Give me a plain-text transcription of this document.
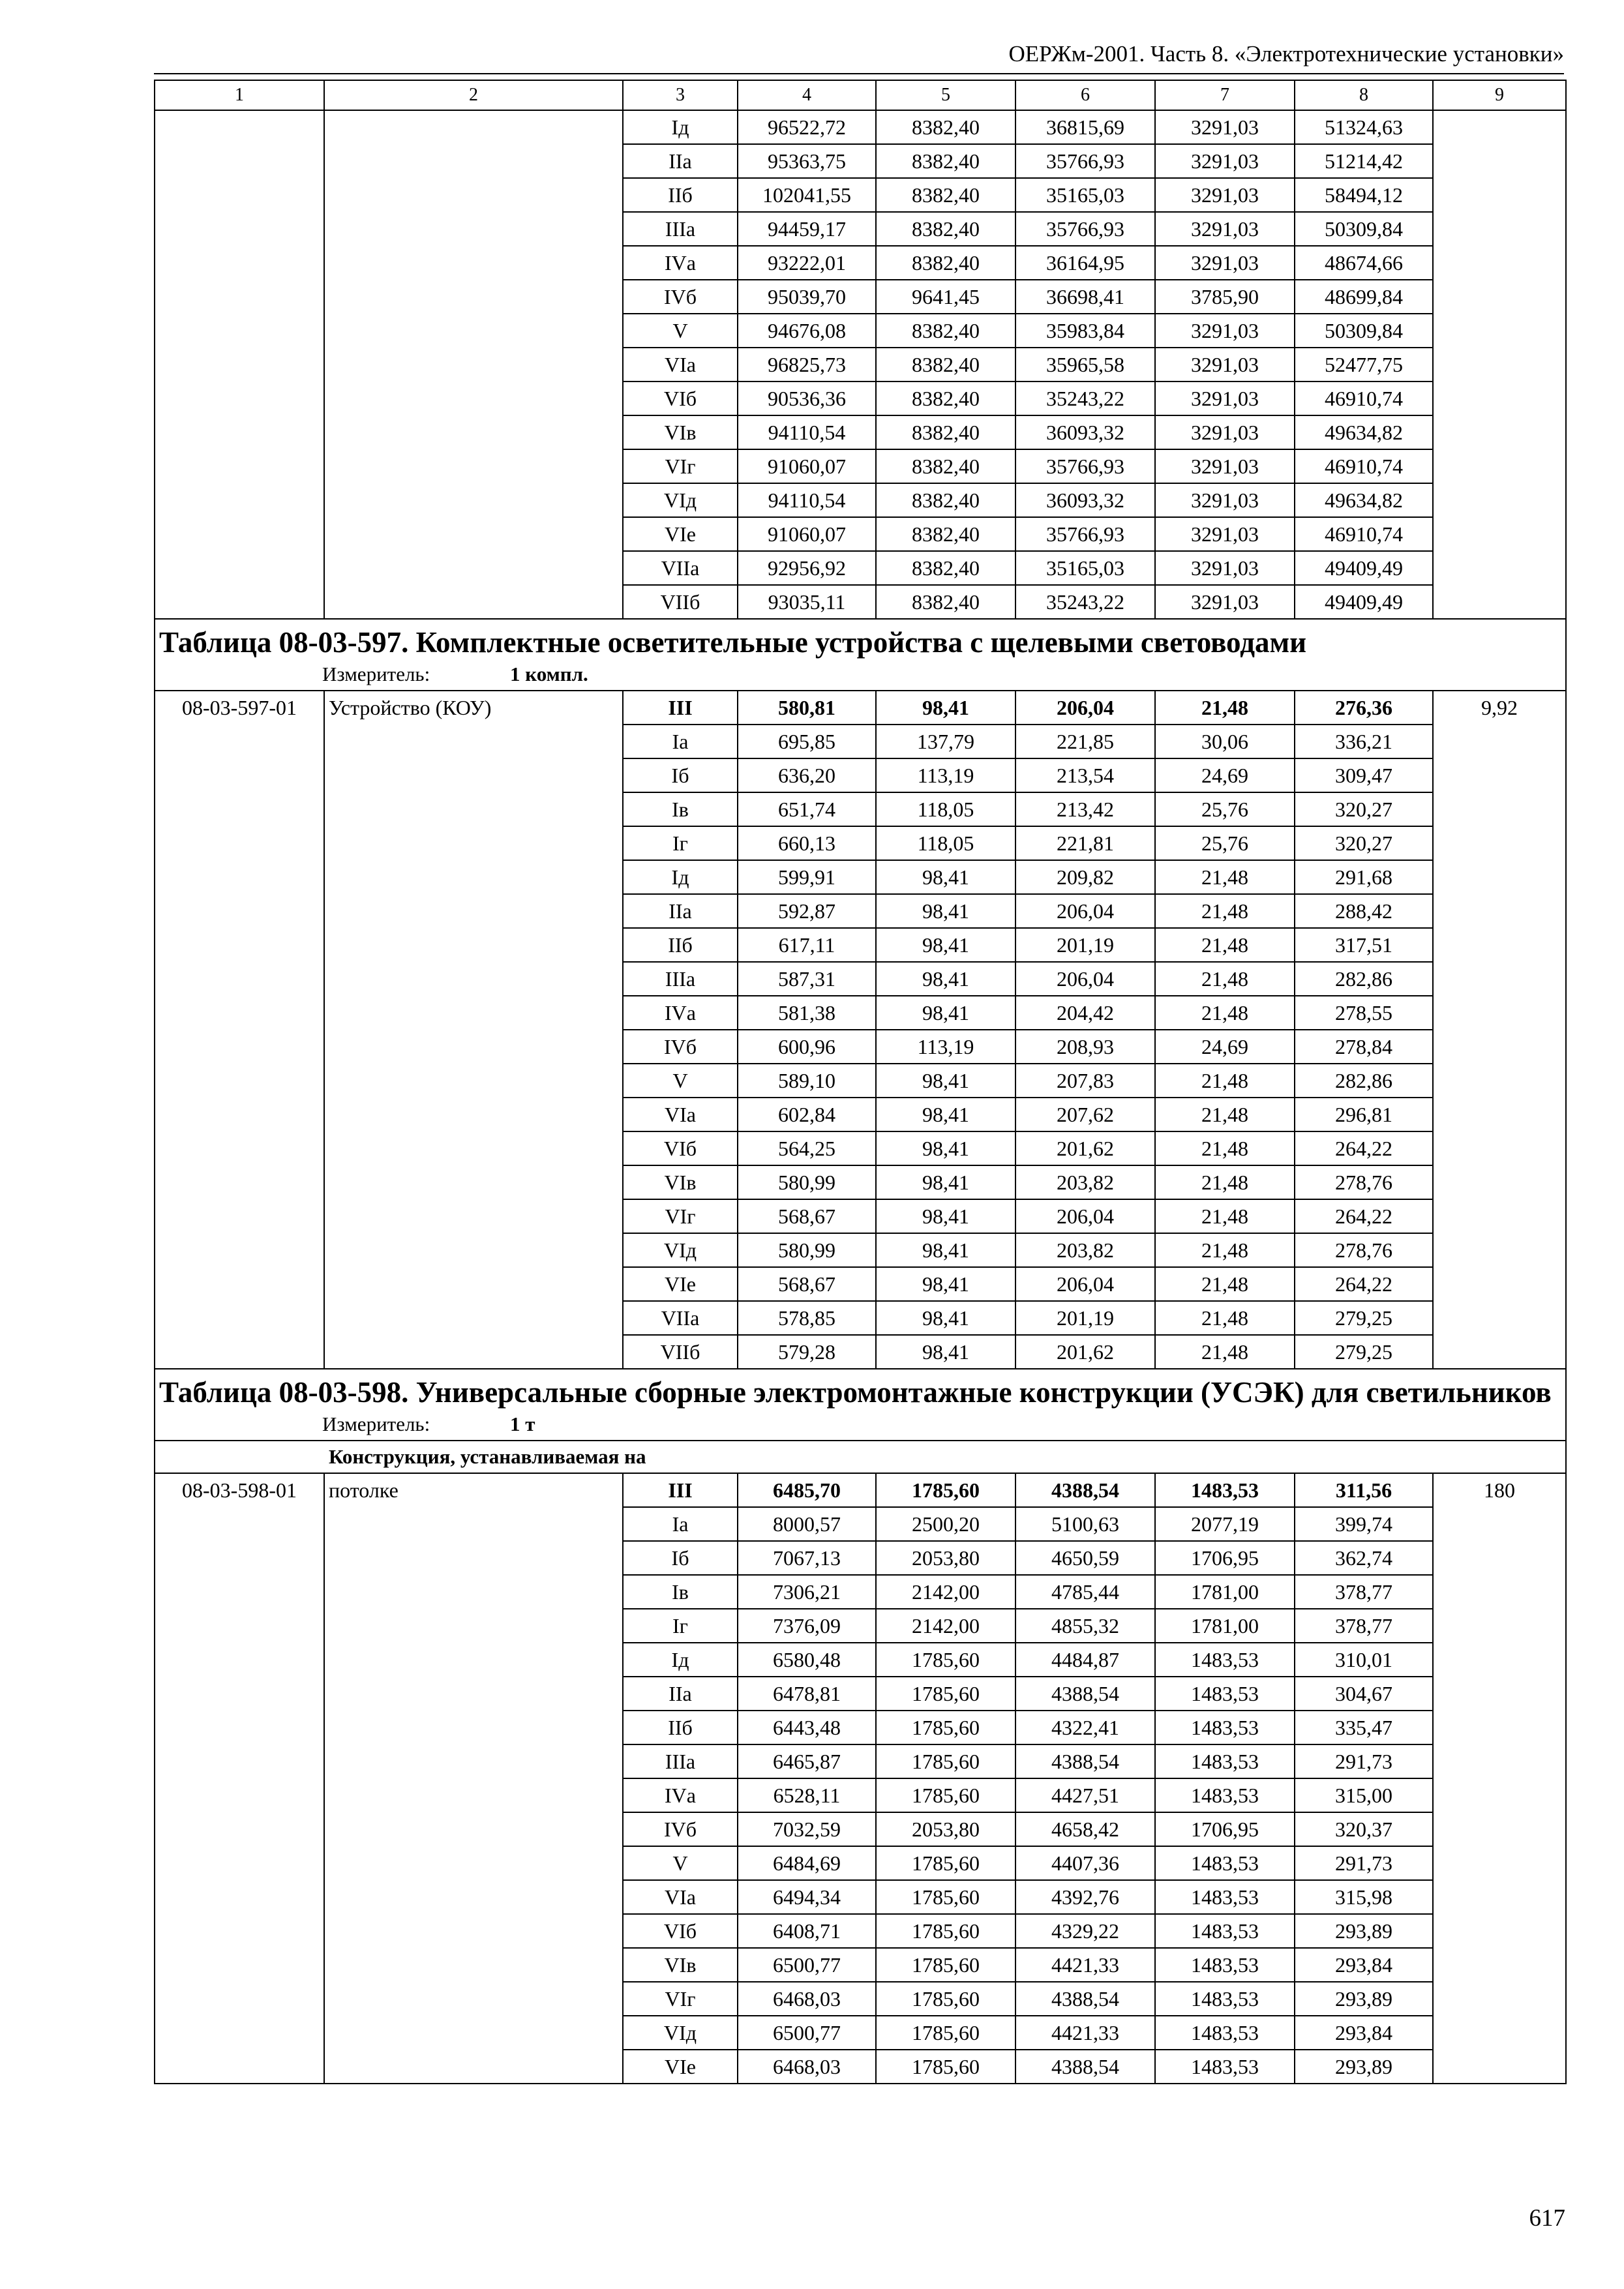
ОЕРЖм-2001. Часть 8. «Электротехнические установки»
1	2	3	4	5	6	7	8	9
		Iд	96522,72	8382,40	36815,69	3291,03	51324,63	
		IIа	95363,75	8382,40	35766,93	3291,03	51214,42	
		IIб	102041,55	8382,40	35165,03	3291,03	58494,12	
		IIIа	94459,17	8382,40	35766,93	3291,03	50309,84	
		IVа	93222,01	8382,40	36164,95	3291,03	48674,66	
		IVб	95039,70	9641,45	36698,41	3785,90	48699,84	
		V	94676,08	8382,40	35983,84	3291,03	50309,84	
		VIа	96825,73	8382,40	35965,58	3291,03	52477,75	
		VIб	90536,36	8382,40	35243,22	3291,03	46910,74	
		VIв	94110,54	8382,40	36093,32	3291,03	49634,82	
		VIг	91060,07	8382,40	35766,93	3291,03	46910,74	
		VIд	94110,54	8382,40	36093,32	3291,03	49634,82	
		VIе	91060,07	8382,40	35766,93	3291,03	46910,74	
		VIIа	92956,92	8382,40	35165,03	3291,03	49409,49	
		VIIб	93035,11	8382,40	35243,22	3291,03	49409,49	

Таблица 08-03-597. Комплектные осветительные устройства с щелевыми световодами
Измеритель: 1 компл.								

08-03-597-01	Устройство (КОУ)	III	580,81	98,41	206,04	21,48	276,36	9,92
		Iа	695,85	137,79	221,85	30,06	336,21	
		Iб	636,20	113,19	213,54	24,69	309,47	
		Iв	651,74	118,05	213,42	25,76	320,27	
		Iг	660,13	118,05	221,81	25,76	320,27	
		Iд	599,91	98,41	209,82	21,48	291,68	
		IIа	592,87	98,41	206,04	21,48	288,42	
		IIб	617,11	98,41	201,19	21,48	317,51	
		IIIа	587,31	98,41	206,04	21,48	282,86	
		IVа	581,38	98,41	204,42	21,48	278,55	
		IVб	600,96	113,19	208,93	24,69	278,84	
		V	589,10	98,41	207,83	21,48	282,86	
		VIа	602,84	98,41	207,62	21,48	296,81	
		VIб	564,25	98,41	201,62	21,48	264,22	
		VIв	580,99	98,41	203,82	21,48	278,76	
		VIг	568,67	98,41	206,04	21,48	264,22	
		VIд	580,99	98,41	203,82	21,48	278,76	
		VIе	568,67	98,41	206,04	21,48	264,22	
		VIIа	578,85	98,41	201,19	21,48	279,25	
		VIIб	579,28	98,41	201,62	21,48	279,25	

Таблица 08-03-598. Универсальные сборные электромонтажные конструкции (УСЭК) для светильников
Измеритель: 1 т								

Конструкция, устанавливаемая на								
08-03-598-01	потолке	III	6485,70	1785,60	4388,54	1483,53	311,56	180
		Iа	8000,57	2500,20	5100,63	2077,19	399,74	
		Iб	7067,13	2053,80	4650,59	1706,95	362,74	
		Iв	7306,21	2142,00	4785,44	1781,00	378,77	
		Iг	7376,09	2142,00	4855,32	1781,00	378,77	
		Iд	6580,48	1785,60	4484,87	1483,53	310,01	
		IIа	6478,81	1785,60	4388,54	1483,53	304,67	
		IIб	6443,48	1785,60	4322,41	1483,53	335,47	
		IIIа	6465,87	1785,60	4388,54	1483,53	291,73	
		IVа	6528,11	1785,60	4427,51	1483,53	315,00	
		IVб	7032,59	2053,80	4658,42	1706,95	320,37	
		V	6484,69	1785,60	4407,36	1483,53	291,73	
		VIа	6494,34	1785,60	4392,76	1483,53	315,98	
		VIб	6408,71	1785,60	4329,22	1483,53	293,89	
		VIв	6500,77	1785,60	4421,33	1483,53	293,84	
		VIг	6468,03	1785,60	4388,54	1483,53	293,89	
		VIд	6500,77	1785,60	4421,33	1483,53	293,84	
		VIе	6468,03	1785,60	4388,54	1483,53	293,89	
617
